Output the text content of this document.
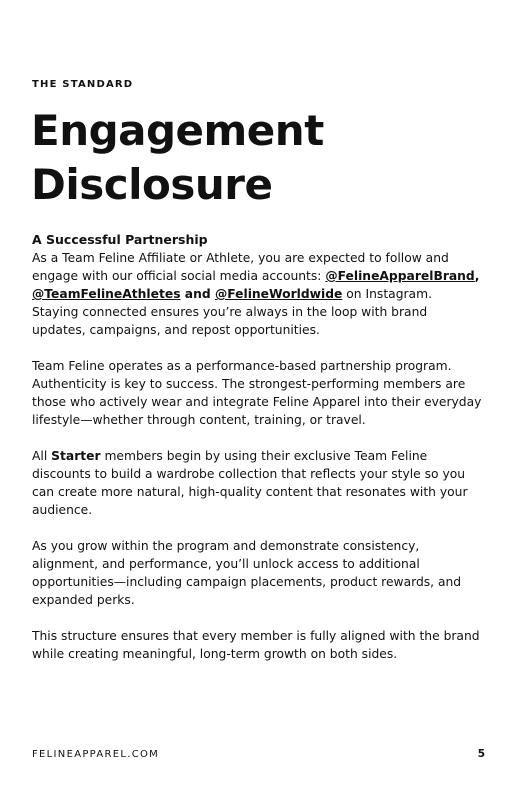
THE STANDARD
Engagement
Disclosure
A Successful Partnership

As a Team Feline Affiliate or Athlete, you are expected to follow and engage with our official social media accounts: @FelineApparelBrand, @TeamFelineAthletes and @FelineWorldwide on Instagram. Staying connected ensures you’re always in the loop with brand updates, campaigns, and repost opportunities.

Team Feline operates as a performance-based partnership program. Authenticity is key to success. The strongest-performing members are those who actively wear and integrate Feline Apparel into their everyday lifestyle—whether through content, training, or travel.

All Starter members begin by using their exclusive Team Feline discounts to build a wardrobe collection that reflects your style so you can create more natural, high-quality content that resonates with your audience.

As you grow within the program and demonstrate consistency, alignment, and performance, you’ll unlock access to additional opportunities—including campaign placements, product rewards, and expanded perks.

This structure ensures that every member is fully aligned with the brand while creating meaningful, long-term growth on both sides.

FELINEAPPAREL.COM	5
